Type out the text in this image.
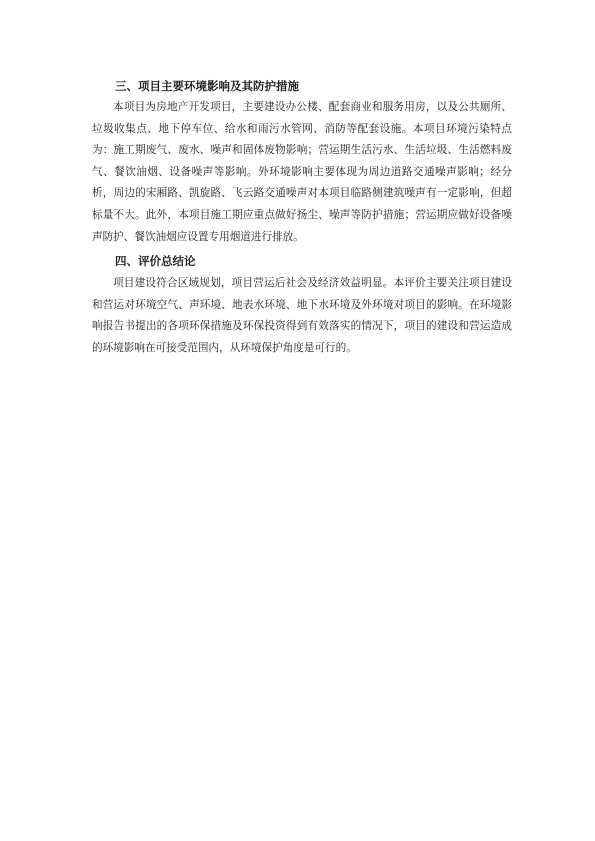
三、项目主要环境影响及其防护措施

本项目为房地产开发项目，主要建设办公楼、配套商业和服务用房，以及公共厕所、垃圾收集点、地下停车位、给水和雨污水管网、消防等配套设施。本项目环境污染特点为：施工期废气、废水、噪声和固体废物影响；营运期生活污水、生活垃圾、生活燃料废气、餐饮油烟、设备噪声等影响。外环境影响主要体现为周边道路交通噪声影响；经分析，周边的宋厢路、凯旋路、飞云路交通噪声对本项目临路侧建筑噪声有一定影响，但超标量不大。此外，本项目施工期应重点做好扬尘、噪声等防护措施；营运期应做好设备噪声防护、餐饮油烟应设置专用烟道进行排放。

四、评价总结论

项目建设符合区域规划，项目营运后社会及经济效益明显。本评价主要关注项目建设和营运对环境空气、声环境、地表水环境、地下水环境及外环境对项目的影响。在环境影响报告书提出的各项环保措施及环保投资得到有效落实的情况下，项目的建设和营运造成的环境影响在可接受范围内，从环境保护角度是可行的。
